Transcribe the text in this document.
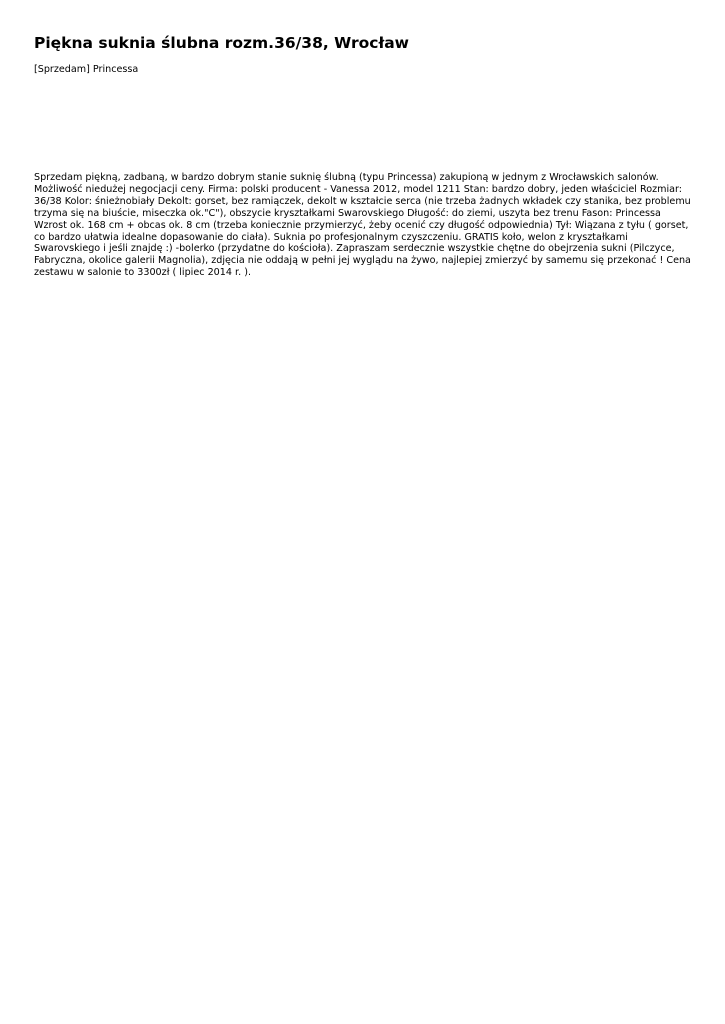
Piękna suknia ślubna rozm.36/38, Wrocław

[Sprzedam] Princessa

Sprzedam piękną, zadbaną, w bardzo dobrym stanie suknię ślubną (typu Princessa) zakupioną w jednym z Wrocławskich salonów. Możliwość niedużej negocjacji ceny. Firma: polski producent - Vanessa 2012, model 1211 Stan: bardzo dobry, jeden właściciel Rozmiar: 36/38 Kolor: śnieżnobiały Dekolt: gorset, bez ramiączek, dekolt w kształcie serca (nie trzeba żadnych wkładek czy stanika, bez problemu trzyma się na biuście, miseczka ok."C"), obszycie kryształkami Swarovskiego Długość: do ziemi, uszyta bez trenu Fason: Princessa Wzrost ok. 168 cm + obcas ok. 8 cm (trzeba koniecznie przymierzyć, żeby ocenić czy długość odpowiednia) Tył: Wiązana z tyłu ( gorset, co bardzo ułatwia idealne dopasowanie do ciała). Suknia po profesjonalnym czyszczeniu. GRATIS koło, welon z kryształkami Swarovskiego i jeśli znajdę :) -bolerko (przydatne do kościoła). Zapraszam serdecznie wszystkie chętne do obejrzenia sukni (Pilczyce, Fabryczna, okolice galerii Magnolia), zdjęcia nie oddają w pełni jej wyglądu na żywo, najlepiej zmierzyć by samemu się przekonać ! Cena zestawu w salonie to 3300zł ( lipiec 2014 r. ).
